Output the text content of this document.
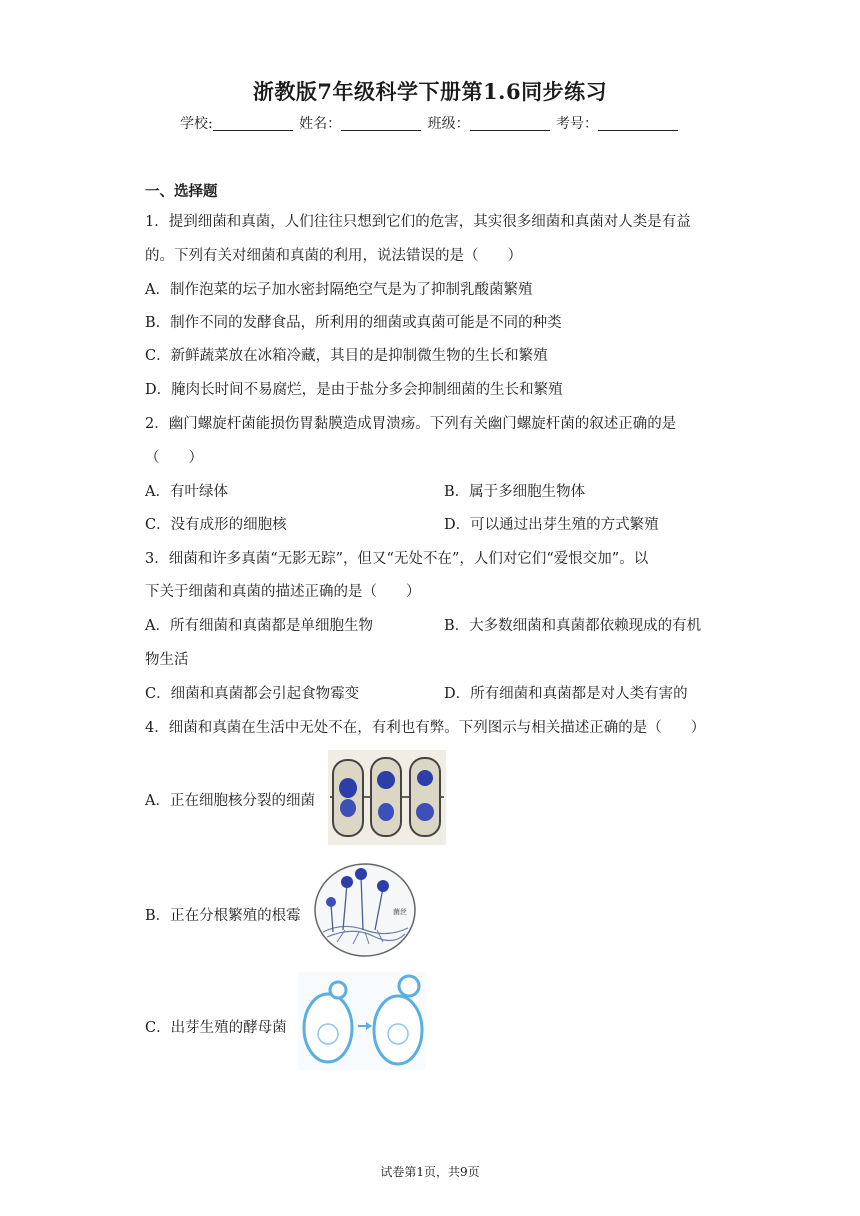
浙教版7年级科学下册第1.6同步练习
学校:	姓名：	班级：	考号：
一、选择题
1．提到细菌和真菌，人们往往只想到它们的危害，其实很多细菌和真菌对人类是有益
的。下列有关对细菌和真菌的利用，说法错误的是（　　）
A．制作泡菜的坛子加水密封隔绝空气是为了抑制乳酸菌繁殖
B．制作不同的发酵食品，所利用的细菌或真菌可能是不同的种类
C．新鲜蔬菜放在冰箱冷藏，其目的是抑制微生物的生长和繁殖
D．腌肉长时间不易腐烂，是由于盐分多会抑制细菌的生长和繁殖
2．幽门螺旋杆菌能损伤胃黏膜造成胃溃疡。下列有关幽门螺旋杆菌的叙述正确的是
（　　）
A．有叶绿体	B．属于多细胞生物体
C．没有成形的细胞核	D．可以通过出芽生殖的方式繁殖
3．细菌和许多真菌“无影无踪”，但又“无处不在”，人们对它们“爱恨交加”。以
下关于细菌和真菌的描述正确的是（　　）
A．所有细菌和真菌都是单细胞生物	B．大多数细菌和真菌都依赖现成的有机
物生活
C．细菌和真菌都会引起食物霉变	D．所有细菌和真菌都是对人类有害的
4．细菌和真菌在生活中无处不在，有利也有弊。下列图示与相关描述正确的是（　　）
A．正在细胞核分裂的细菌
B．正在分根繁殖的根霉	菌丝
C．出芽生殖的酵母菌
试卷第1页，共9页
